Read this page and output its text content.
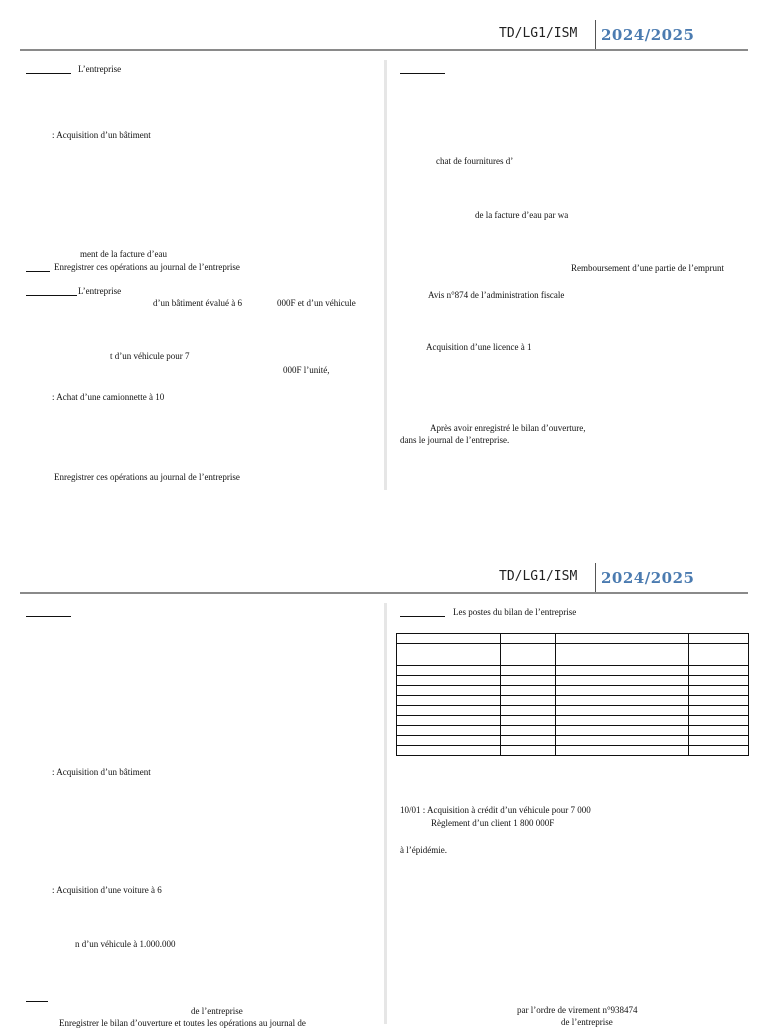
TD/LG1/ISM 2024/2025
L’entreprise
: Acquisition d’un bâtiment
ment de la facture d’eau
Enregistrer ces opérations au journal de l’entreprise
L’entreprise
d’un bâtiment évalué à 6	000F et d’un véhicule
t d’un véhicule pour 7
000F l’unité,
: Achat d’une camionnette à 10
Enregistrer ces opérations au journal de l’entreprise
chat de fournitures d’
de la facture d’eau par wa
Remboursement d’une partie de l’emprunt
Avis n°874 de l’administration fiscale
Acquisition d’une licence à 1
Après avoir enregistré le bilan d’ouverture,
dans le journal de l’entreprise.
TD/LG1/ISM 2024/2025
: Acquisition d’un bâtiment
: Acquisition d’une voiture à 6
n d’un véhicule à 1.000.000
de l’entreprise
Enregistrer le bilan d’ouverture et toutes les opérations au journal de
Les postes du bilan de l’entreprise

10/01 : Acquisition à crédit d’un véhicule pour 7 000
Règlement d’un client 1 800 000F
à l’épidémie.
par l’ordre de virement n°938474
de l’entreprise
